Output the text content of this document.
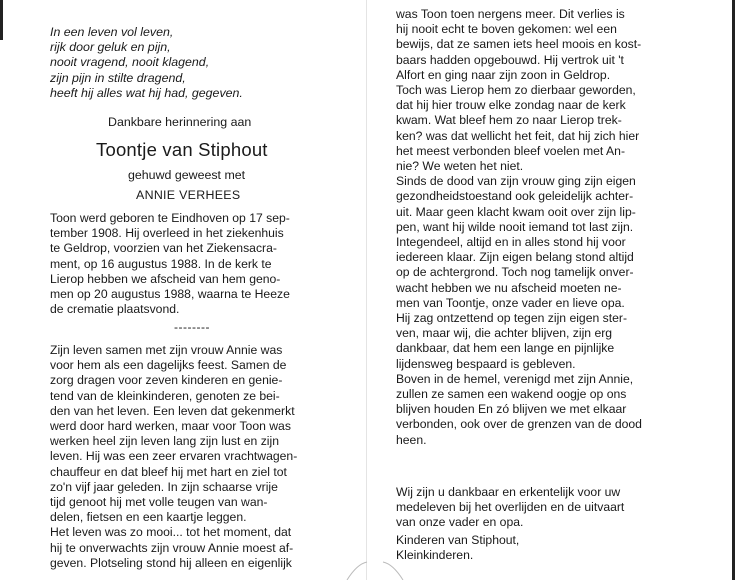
In een leven vol leven,

rijk door geluk en pijn,

nooit vragend, nooit klagend,

zijn pijn in stilte dragend,

heeft hij alles wat hij had, gegeven.

Dankbare herinnering aan
Toontje van Stiphout
gehuwd geweest met
ANNIE VERHEES

Toon werd geboren te Eindhoven op 17 sep-

tember 1908. Hij overleed in het ziekenhuis

te Geldrop, voorzien van het Ziekensacra-

ment, op 16 augustus 1988. In de kerk te

Lierop hebben we afscheid van hem geno-

men op 20 augustus 1988, waarna te Heeze

de crematie plaatsvond.

--------

Zijn leven samen met zijn vrouw Annie was

voor hem als een dagelijks feest. Samen de

zorg dragen voor zeven kinderen en genie-

tend van de kleinkinderen, genoten ze bei-

den van het leven. Een leven dat gekenmerkt

werd door hard werken, maar voor Toon was

werken heel zijn leven lang zijn lust en zijn

leven. Hij was een zeer ervaren vrachtwagen-

chauffeur en dat bleef hij met hart en ziel tot

zo'n vijf jaar geleden. In zijn schaarse vrije

tijd genoot hij met volle teugen van wan-

delen, fietsen en een kaartje leggen.

Het leven was zo mooi... tot het moment, dat

hij te onverwachts zijn vrouw Annie moest af-

geven. Plotseling stond hij alleen en eigenlijk

was Toon toen nergens meer. Dit verlies is

hij nooit echt te boven gekomen: wel een

bewijs, dat ze samen iets heel moois en kost-

baars hadden opgebouwd. Hij vertrok uit 't

Alfort en ging naar zijn zoon in Geldrop.

Toch was Lierop hem zo dierbaar geworden,

dat hij hier trouw elke zondag naar de kerk

kwam. Wat bleef hem zo naar Lierop trek-

ken? was dat wellicht het feit, dat hij zich hier

het meest verbonden bleef voelen met An-

nie? We weten het niet.

Sinds de dood van zijn vrouw ging zijn eigen

gezondheidstoestand ook geleidelijk achter-

uit. Maar geen klacht kwam ooit over zijn lip-

pen, want hij wilde nooit iemand tot last zijn.

Integendeel, altijd en in alles stond hij voor

iedereen klaar. Zijn eigen belang stond altijd

op de achtergrond. Toch nog tamelijk onver-

wacht hebben we nu afscheid moeten ne-

men van Toontje, onze vader en lieve opa.

Hij zag ontzettend op tegen zijn eigen ster-

ven, maar wij, die achter blijven, zijn erg

dankbaar, dat hem een lange en pijnlijke

lijdensweg bespaard is gebleven.

Boven in de hemel, verenigd met zijn Annie,

zullen ze samen een wakend oogje op ons

blijven houden En zó blijven we met elkaar

verbonden, ook over de grenzen van de dood

heen.

Wij zijn u dankbaar en erkentelijk voor uw

medeleven bij het overlijden en de uitvaart

van onze vader en opa.

Kinderen van Stiphout,

Kleinkinderen.
